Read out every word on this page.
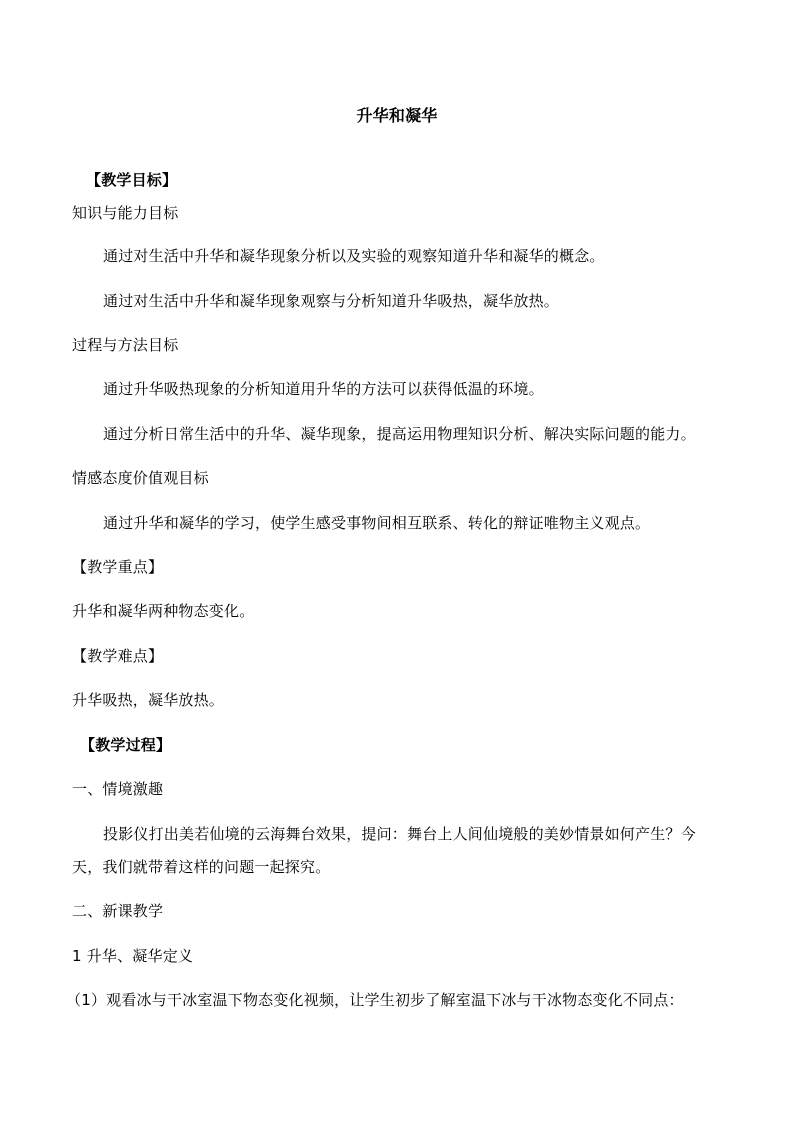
升华和凝华
【教学目标】
知识与能力目标
通过对生活中升华和凝华现象分析以及实验的观察知道升华和凝华的概念。
通过对生活中升华和凝华现象观察与分析知道升华吸热，凝华放热。
过程与方法目标
通过升华吸热现象的分析知道用升华的方法可以获得低温的环境。
通过分析日常生活中的升华、凝华现象，提高运用物理知识分析、解决实际问题的能力。
情感态度价值观目标
通过升华和凝华的学习，使学生感受事物间相互联系、转化的辩证唯物主义观点。
【教学重点】
升华和凝华两种物态变化。
【教学难点】
升华吸热，凝华放热。
【教学过程】
一、情境激趣
投影仪打出美若仙境的云海舞台效果，提问：舞台上人间仙境般的美妙情景如何产生？今
天，我们就带着这样的问题一起探究。
二、新课教学
1 升华、凝华定义
（1）观看冰与干冰室温下物态变化视频，让学生初步了解室温下冰与干冰物态变化不同点：
